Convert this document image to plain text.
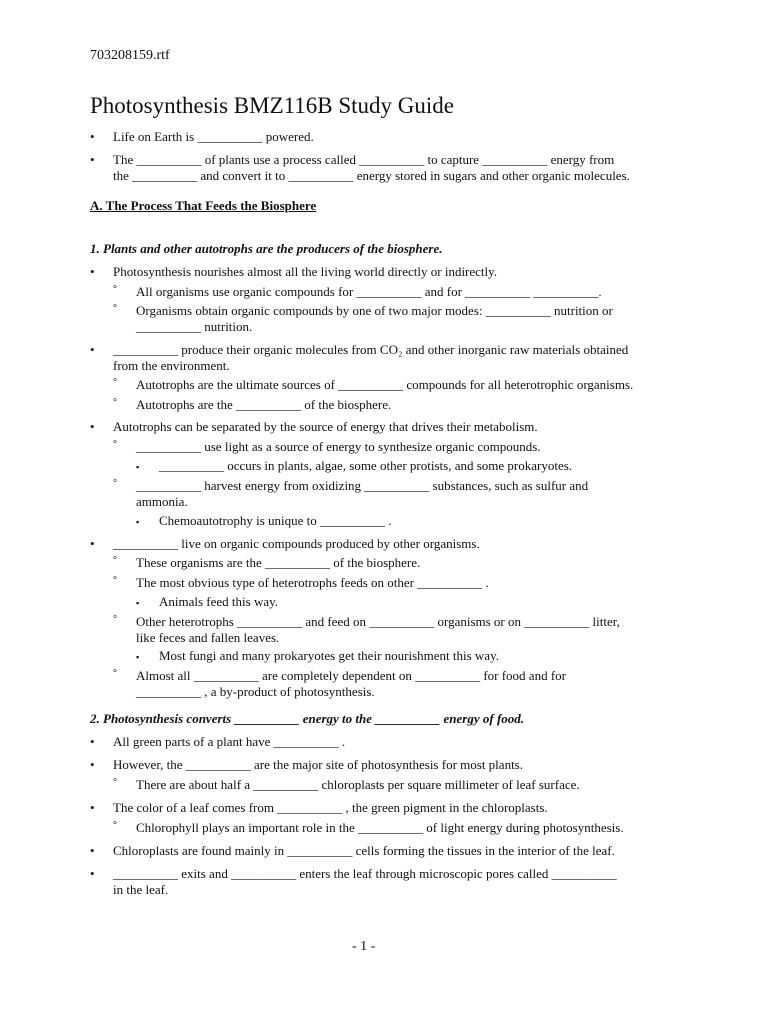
703208159.rtf
Photosynthesis BMZ116B Study Guide
• Life on Earth is __________ powered.
• The __________ of plants use a process called __________ to capture __________ energy from
the __________ and convert it to __________ energy stored in sugars and other organic molecules.
A. The Process That Feeds the Biosphere
1. Plants and other autotrophs are the producers of the biosphere.
• Photosynthesis nourishes almost all the living world directly or indirectly.
° All organisms use organic compounds for __________ and for __________ __________.
° Organisms obtain organic compounds by one of two major modes: __________ nutrition or
__________ nutrition.
• __________ produce their organic molecules from CO₂ and other inorganic raw materials obtained
from the environment.
° Autotrophs are the ultimate sources of __________ compounds for all heterotrophic organisms.
° Autotrophs are the __________ of the biosphere.
• Autotrophs can be separated by the source of energy that drives their metabolism.
° __________ use light as a source of energy to synthesize organic compounds.
▪ __________ occurs in plants, algae, some other protists, and some prokaryotes.
° __________ harvest energy from oxidizing __________ substances, such as sulfur and
ammonia.
▪ Chemoautotrophy is unique to __________ .
• __________ live on organic compounds produced by other organisms.
° These organisms are the __________ of the biosphere.
° The most obvious type of heterotrophs feeds on other __________ .
▪ Animals feed this way.
° Other heterotrophs __________ and feed on __________ organisms or on __________ litter,
like feces and fallen leaves.
▪ Most fungi and many prokaryotes get their nourishment this way.
° Almost all __________ are completely dependent on __________ for food and for
__________ , a by-product of photosynthesis.
2. Photosynthesis converts __________ energy to the __________ energy of food.
• All green parts of a plant have __________ .
• However, the __________ are the major site of photosynthesis for most plants.
° There are about half a __________ chloroplasts per square millimeter of leaf surface.
• The color of a leaf comes from __________ , the green pigment in the chloroplasts.
° Chlorophyll plays an important role in the __________ of light energy during photosynthesis.
• Chloroplasts are found mainly in __________ cells forming the tissues in the interior of the leaf.
• __________ exits and __________ enters the leaf through microscopic pores called __________
in the leaf.
- 1 -
